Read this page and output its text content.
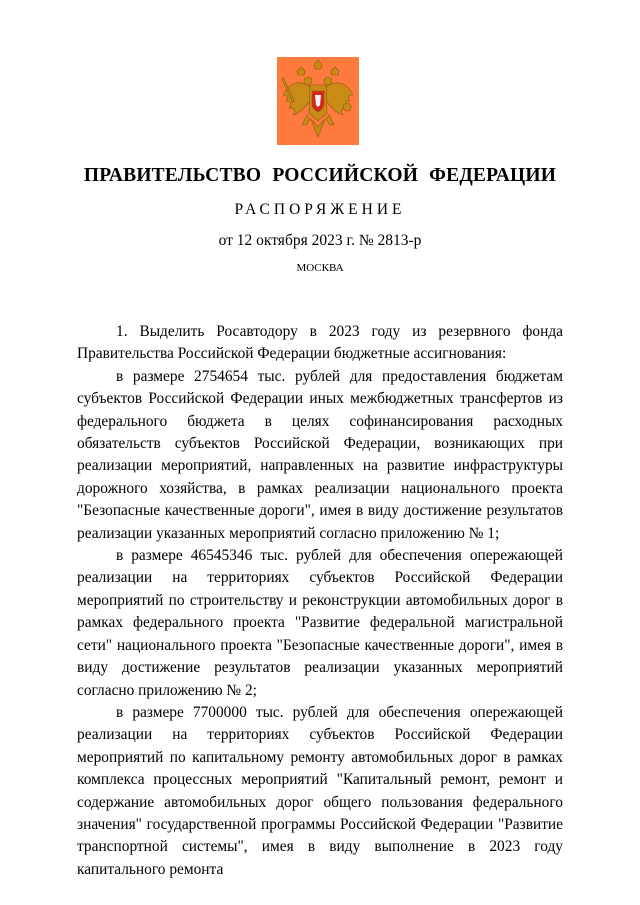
ПРАВИТЕЛЬСТВО РОССИЙСКОЙ ФЕДЕРАЦИИ
РАСПОРЯЖЕНИЕ
от 12 октября 2023 г. № 2813-р
МОСКВА

1. Выделить Росавтодору в 2023 году из резервного фонда Правительства Российской Федерации бюджетные ассигнования:

в размере 2754654 тыс. рублей для предоставления бюджетам субъектов Российской Федерации иных межбюджетных трансфертов из федерального бюджета в целях софинансирования расходных обязательств субъектов Российской Федерации, возникающих при реализации мероприятий, направленных на развитие инфраструктуры дорожного хозяйства, в рамках реализации национального проекта "Безопасные качественные дороги", имея в виду достижение результатов реализации указанных мероприятий согласно приложению № 1;

в размере 46545346 тыс. рублей для обеспечения опережающей реализации на территориях субъектов Российской Федерации мероприятий по строительству и реконструкции автомобильных дорог в рамках федерального проекта "Развитие федеральной магистральной сети" национального проекта "Безопасные качественные дороги", имея в виду достижение результатов реализации указанных мероприятий согласно приложению № 2;

в размере 7700000 тыс. рублей для обеспечения опережающей реализации на территориях субъектов Российской Федерации мероприятий по капитальному ремонту автомобильных дорог в рамках комплекса процессных мероприятий "Капитальный ремонт, ремонт и содержание автомобильных дорог общего пользования федерального значения" государственной программы Российской Федерации "Развитие транспортной системы", имея в виду выполнение в 2023 году капитального ремонта
